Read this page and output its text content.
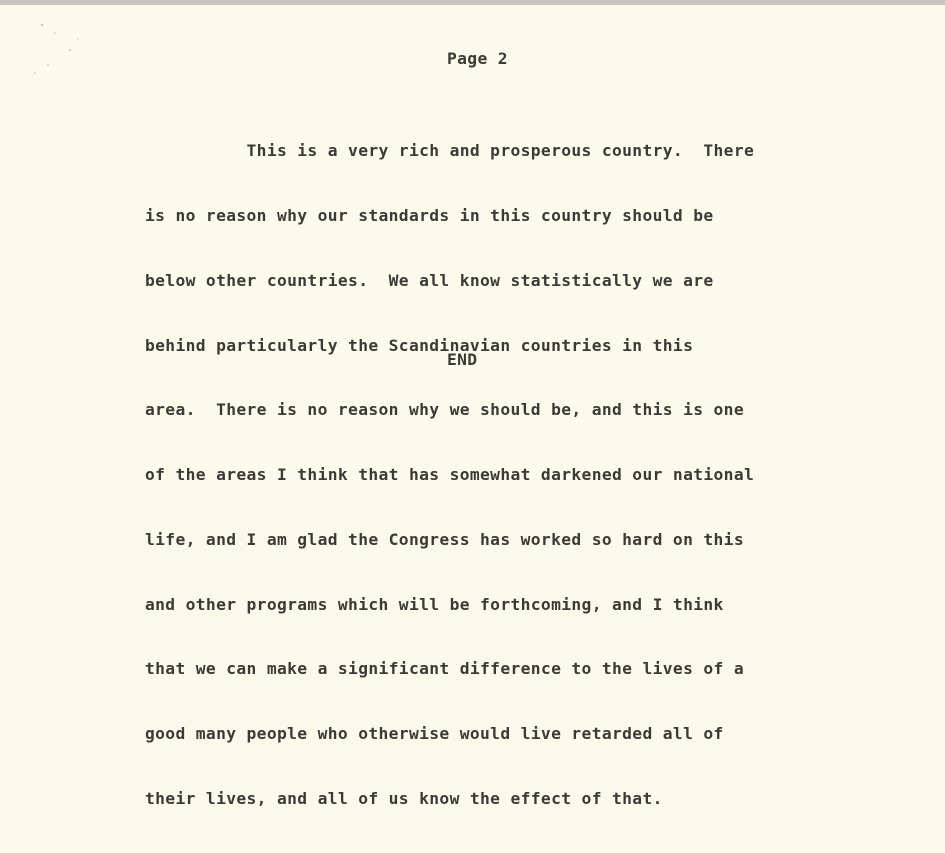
Page 2

This is a very rich and prosperous country.  There

is no reason why our standards in this country should be

below other countries.  We all know statistically we are

behind particularly the Scandinavian countries in this

area.  There is no reason why we should be, and this is one

of the areas I think that has somewhat darkened our national

life, and I am glad the Congress has worked so hard on this

and other programs which will be forthcoming, and I think

that we can make a significant difference to the lives of a

good many people who otherwise would live retarded all of

their lives, and all of us know the effect of that.

END
